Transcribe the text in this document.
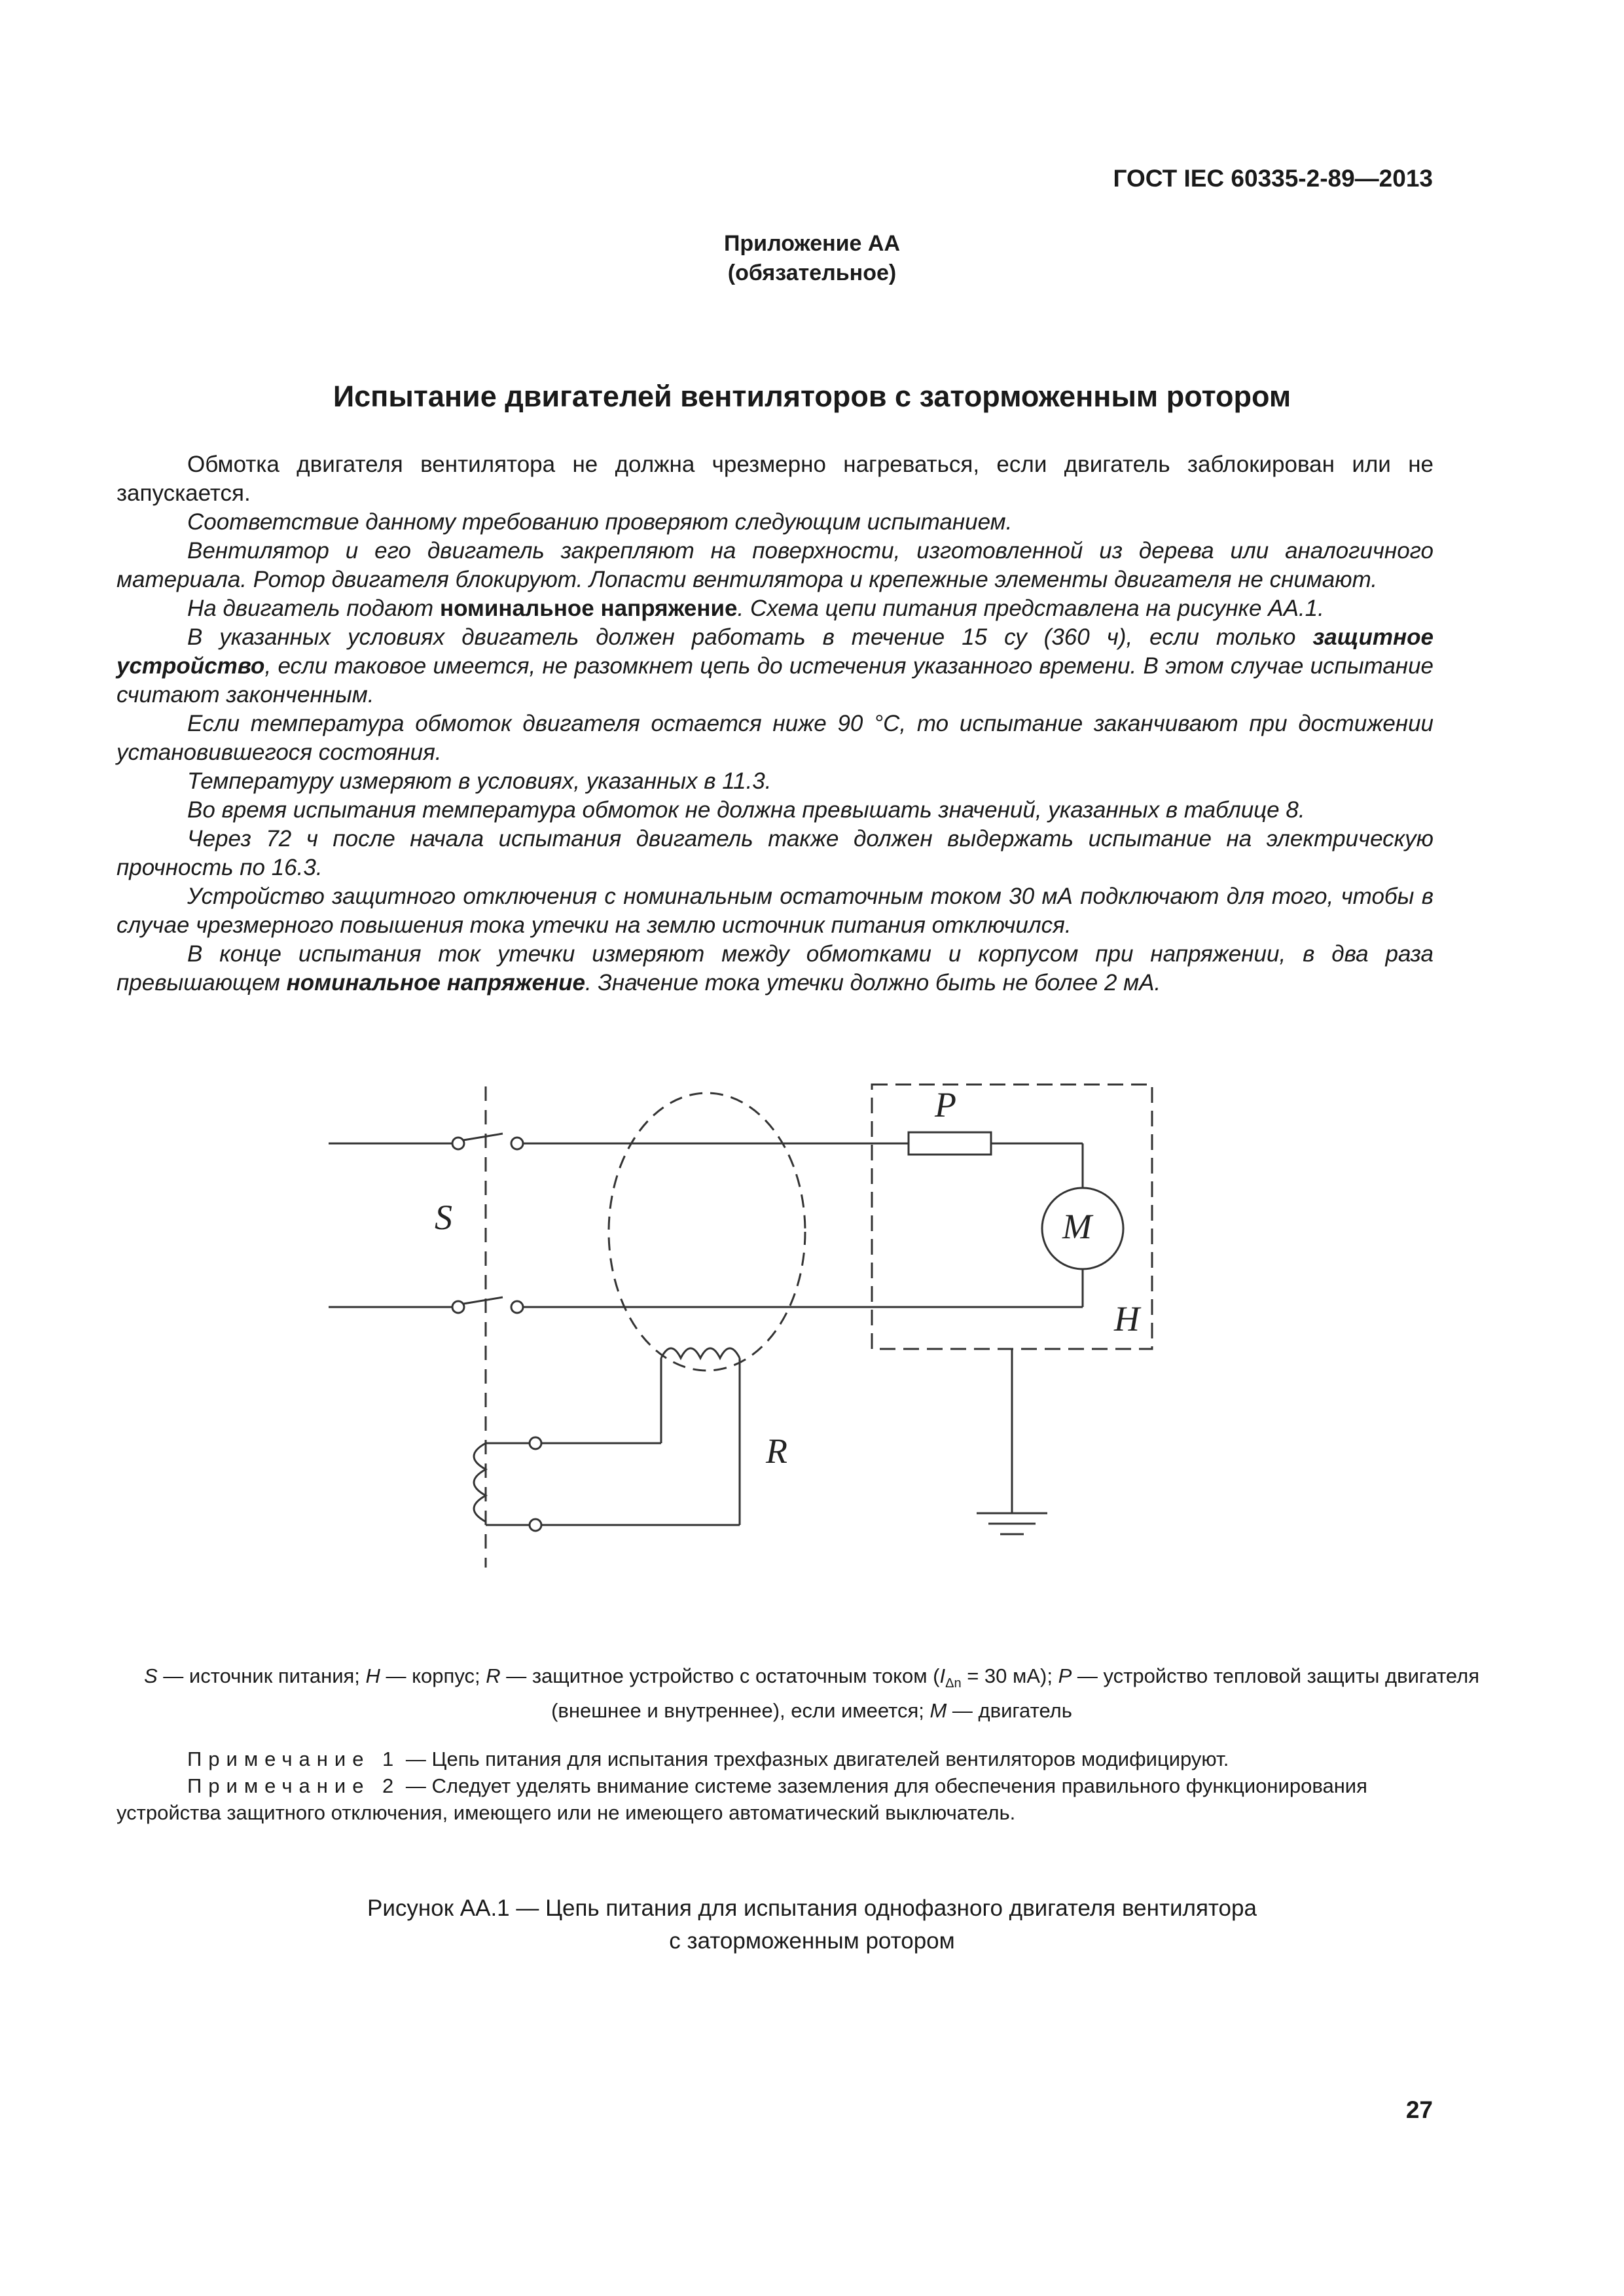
ГОСТ IEC 60335-2-89—2013
Приложение АА
(обязательное)
Испытание двигателей вентиляторов с заторможенным ротором

Обмотка двигателя вентилятора не должна чрезмерно нагреваться, если двигатель заблокирован или не запускается.

Соответствие данному требованию проверяют следующим испытанием.

Вентилятор и его двигатель закрепляют на поверхности, изготовленной из дерева или аналогичного материала. Ротор двигателя блокируют. Лопасти вентилятора и крепежные элементы двигателя не снимают.

На двигатель подают номинальное напряжение. Схема цепи питания представлена на рисунке АА.1.

В указанных условиях двигатель должен работать в течение 15 су (360 ч), если только защитное устройство, если таковое имеется, не разомкнет цепь до истечения указанного времени. В этом случае испытание считают законченным.

Если температура обмоток двигателя остается ниже 90 °С, то испытание заканчивают при достижении установившегося состояния.

Температуру измеряют в условиях, указанных в 11.3.

Во время испытания температура обмоток не должна превышать значений, указанных в таблице 8.

Через 72 ч после начала испытания двигатель также должен выдержать испытание на электрическую прочность по 16.3.

Устройство защитного отключения с номинальным остаточным током 30 мА подключают для того, чтобы в случае чрезмерного повышения тока утечки на землю источник питания отключился.

В конце испытания ток утечки измеряют между обмотками и корпусом при напряжении, в два раза превышающем номинальное напряжение. Значение тока утечки должно быть не более 2 мА.

S
P
M
H
R
S — источник питания; H — корпус; R — защитное устройство с остаточным током ($I_{\Delta n} = 30$ мА); P — устройство тепловой защиты двигателя (внешнее и внутреннее), если имеется; M — двигатель

Примечание 1 — Цепь питания для испытания трехфазных двигателей вентиляторов модифицируют.

Примечание 2 — Следует уделять внимание системе заземления для обеспечения правильного функционирования устройства защитного отключения, имеющего или не имеющего автоматический выключатель.

Рисунок АА.1 — Цепь питания для испытания однофазного двигателя вентилятора
с заторможенным ротором
27
